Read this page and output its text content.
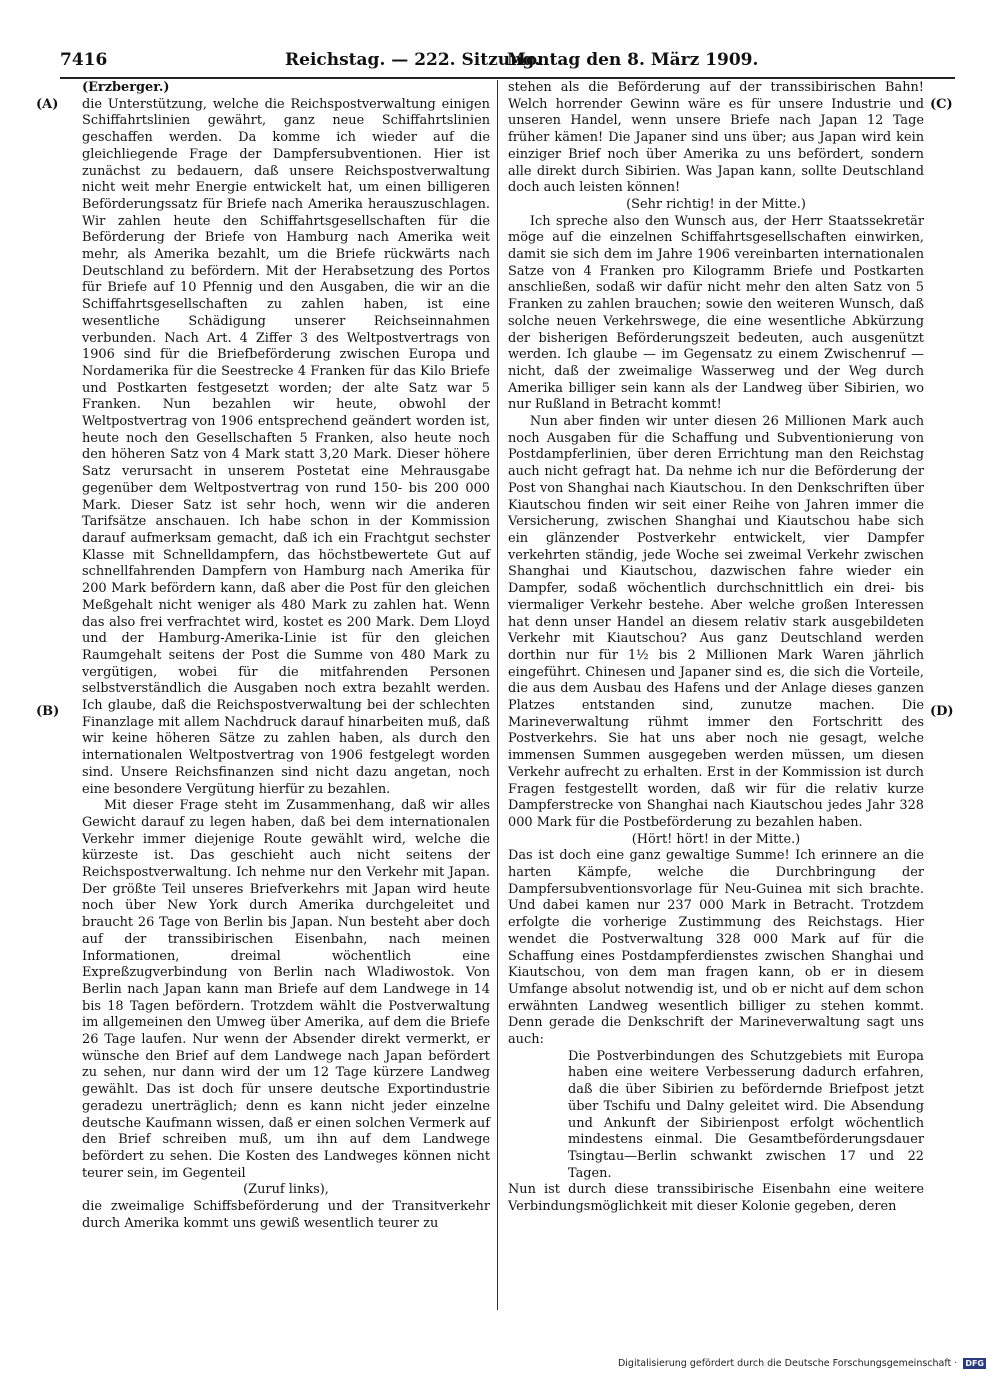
7416	Reichstag. — 222. Sitzung.
Montag den 8. März 1909.
(A)
(B)
(C)
(D)

(Erzberger.)

die Unterstützung, welche die Reichspostverwaltung einigen Schiffahrtslinien gewährt, ganz neue Schiffahrtslinien geschaffen werden. Da komme ich wieder auf die gleichliegende Frage der Dampfersubventionen. Hier ist zunächst zu bedauern, daß unsere Reichspostverwaltung nicht weit mehr Energie entwickelt hat, um einen billigeren Beförderungssatz für Briefe nach Amerika herauszuschlagen. Wir zahlen heute den Schiffahrtsgesellschaften für die Beförderung der Briefe von Hamburg nach Amerika weit mehr, als Amerika bezahlt, um die Briefe rückwärts nach Deutschland zu befördern. Mit der Herabsetzung des Portos für Briefe auf 10 Pfennig und den Ausgaben, die wir an die Schiffahrtsgesellschaften zu zahlen haben, ist eine wesentliche Schädigung unserer Reichseinnahmen verbunden. Nach Art. 4 Ziffer 3 des Weltpostvertrags von 1906 sind für die Briefbeförderung zwischen Europa und Nordamerika für die Seestrecke 4 Franken für das Kilo Briefe und Postkarten festgesetzt worden; der alte Satz war 5 Franken. Nun bezahlen wir heute, obwohl der Weltpostvertrag von 1906 entsprechend geändert worden ist, heute noch den Gesellschaften 5 Franken, also heute noch den höheren Satz von 4 Mark statt 3,20 Mark. Dieser höhere Satz verursacht in unserem Postetat eine Mehrausgabe gegenüber dem Weltpostvertrag von rund 150- bis 200 000 Mark. Dieser Satz ist sehr hoch, wenn wir die anderen Tarifsätze anschauen. Ich habe schon in der Kommission darauf aufmerksam gemacht, daß ich ein Frachtgut sechster Klasse mit Schnelldampfern, das höchstbewertete Gut auf schnellfahrenden Dampfern von Hamburg nach Amerika für 200 Mark befördern kann, daß aber die Post für den gleichen Meßgehalt nicht weniger als 480 Mark zu zahlen hat. Wenn das also frei verfrachtet wird, kostet es 200 Mark. Dem Lloyd und der Hamburg-Amerika-Linie ist für den gleichen Raumgehalt seitens der Post die Summe von 480 Mark zu vergütigen, wobei für die mitfahrenden Personen selbstverständlich die Ausgaben noch extra bezahlt werden. Ich glaube, daß die Reichspostverwaltung bei der schlechten Finanzlage mit allem Nachdruck darauf hinarbeiten muß, daß wir keine höheren Sätze zu zahlen haben, als durch den internationalen Weltpostvertrag von 1906 festgelegt worden sind. Unsere Reichsfinanzen sind nicht dazu angetan, noch eine besondere Vergütung hierfür zu bezahlen.

Mit dieser Frage steht im Zusammenhang, daß wir alles Gewicht darauf zu legen haben, daß bei dem internationalen Verkehr immer diejenige Route gewählt wird, welche die kürzeste ist. Das geschieht auch nicht seitens der Reichspostverwaltung. Ich nehme nur den Verkehr mit Japan. Der größte Teil unseres Briefverkehrs mit Japan wird heute noch über New York durch Amerika durchgeleitet und braucht 26 Tage von Berlin bis Japan. Nun besteht aber doch auf der transsibirischen Eisenbahn, nach meinen Informationen, dreimal wöchentlich eine Expreßzugverbindung von Berlin nach Wladiwostok. Von Berlin nach Japan kann man Briefe auf dem Landwege in 14 bis 18 Tagen befördern. Trotzdem wählt die Postverwaltung im allgemeinen den Umweg über Amerika, auf dem die Briefe 26 Tage laufen. Nur wenn der Absender direkt vermerkt, er wünsche den Brief auf dem Landwege nach Japan befördert zu sehen, nur dann wird der um 12 Tage kürzere Landweg gewählt. Das ist doch für unsere deutsche Exportindustrie geradezu unerträglich; denn es kann nicht jeder einzelne deutsche Kaufmann wissen, daß er einen solchen Vermerk auf den Brief schreiben muß, um ihn auf dem Landwege befördert zu sehen. Die Kosten des Landweges können nicht teurer sein, im Gegenteil

(Zuruf links),

die zweimalige Schiffsbeförderung und der Transitverkehr durch Amerika kommt uns gewiß wesentlich teurer zu

stehen als die Beförderung auf der transsibirischen Bahn! Welch horrender Gewinn wäre es für unsere Industrie und unseren Handel, wenn unsere Briefe nach Japan 12 Tage früher kämen! Die Japaner sind uns über; aus Japan wird kein einziger Brief noch über Amerika zu uns befördert, sondern alle direkt durch Sibirien. Was Japan kann, sollte Deutschland doch auch leisten können!

(Sehr richtig! in der Mitte.)

Ich spreche also den Wunsch aus, der Herr Staatssekretär möge auf die einzelnen Schiffahrtsgesellschaften einwirken, damit sie sich dem im Jahre 1906 vereinbarten internationalen Satze von 4 Franken pro Kilogramm Briefe und Postkarten anschließen, sodaß wir dafür nicht mehr den alten Satz von 5 Franken zu zahlen brauchen; sowie den weiteren Wunsch, daß solche neuen Verkehrswege, die eine wesentliche Abkürzung der bisherigen Beförderungszeit bedeuten, auch ausgenützt werden. Ich glaube — im Gegensatz zu einem Zwischenruf — nicht, daß der zweimalige Wasserweg und der Weg durch Amerika billiger sein kann als der Landweg über Sibirien, wo nur Rußland in Betracht kommt!

Nun aber finden wir unter diesen 26 Millionen Mark auch noch Ausgaben für die Schaffung und Subventionierung von Postdampferlinien, über deren Errichtung man den Reichstag auch nicht gefragt hat. Da nehme ich nur die Beförderung der Post von Shanghai nach Kiautschou. In den Denkschriften über Kiautschou finden wir seit einer Reihe von Jahren immer die Versicherung, zwischen Shanghai und Kiautschou habe sich ein glänzender Postverkehr entwickelt, vier Dampfer verkehrten ständig, jede Woche sei zweimal Verkehr zwischen Shanghai und Kiautschou, dazwischen fahre wieder ein Dampfer, sodaß wöchentlich durchschnittlich ein drei- bis viermaliger Verkehr bestehe. Aber welche großen Interessen hat denn unser Handel an diesem relativ stark ausgebildeten Verkehr mit Kiautschou? Aus ganz Deutschland werden dorthin nur für 1½ bis 2 Millionen Mark Waren jährlich eingeführt. Chinesen und Japaner sind es, die sich die Vorteile, die aus dem Ausbau des Hafens und der Anlage dieses ganzen Platzes entstanden sind, zunutze machen. Die Marineverwaltung rühmt immer den Fortschritt des Postverkehrs. Sie hat uns aber noch nie gesagt, welche immensen Summen ausgegeben werden müssen, um diesen Verkehr aufrecht zu erhalten. Erst in der Kommission ist durch Fragen festgestellt worden, daß wir für die relativ kurze Dampferstrecke von Shanghai nach Kiautschou jedes Jahr 328 000 Mark für die Postbeförderung zu bezahlen haben.

(Hört! hört! in der Mitte.)

Das ist doch eine ganz gewaltige Summe! Ich erinnere an die harten Kämpfe, welche die Durchbringung der Dampfersubventionsvorlage für Neu-Guinea mit sich brachte. Und dabei kamen nur 237 000 Mark in Betracht. Trotzdem erfolgte die vorherige Zustimmung des Reichstags. Hier wendet die Postverwaltung 328 000 Mark auf für die Schaffung eines Postdampferdienstes zwischen Shanghai und Kiautschou, von dem man fragen kann, ob er in diesem Umfange absolut notwendig ist, und ob er nicht auf dem schon erwähnten Landweg wesentlich billiger zu stehen kommt. Denn gerade die Denkschrift der Marineverwaltung sagt uns auch:

Die Postverbindungen des Schutzgebiets mit Europa haben eine weitere Verbesserung dadurch erfahren, daß die über Sibirien zu befördernde Briefpost jetzt über Tschifu und Dalny geleitet wird. Die Absendung und Ankunft der Sibirienpost erfolgt wöchentlich mindestens einmal. Die Gesamtbeförderungsdauer Tsingtau—Berlin schwankt zwischen 17 und 22 Tagen.

Nun ist durch diese transsibirische Eisenbahn eine weitere Verbindungsmöglichkeit mit dieser Kolonie gegeben, deren

Digitalisierung gefördert durch die Deutsche Forschungsgemeinschaft · DFG
